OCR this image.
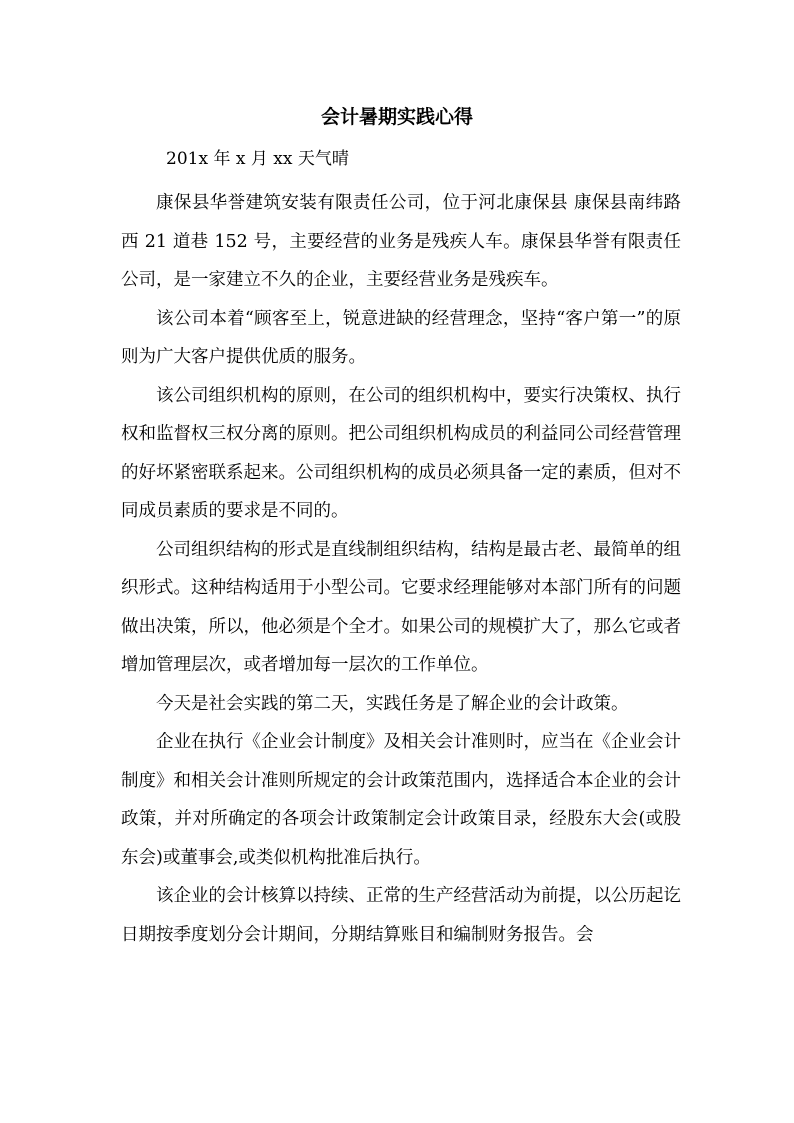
会计暑期实践心得

201x 年 x 月 xx 天气晴

康保县华誉建筑安装有限责任公司，位于河北康保县 康保县南纬路西 21 道巷 152 号，主要经营的业务是残疾人车。康保县华誉有限责任公司，是一家建立不久的企业，主要经营业务是残疾车。

该公司本着“顾客至上，锐意进缺的经营理念，坚持“客户第一”的原则为广大客户提供优质的服务。

该公司组织机构的原则，在公司的组织机构中，要实行决策权、执行权和监督权三权分离的原则。把公司组织机构成员的利益同公司经营管理的好坏紧密联系起来。公司组织机构的成员必须具备一定的素质，但对不同成员素质的要求是不同的。

公司组织结构的形式是直线制组织结构，结构是最古老、最简单的组织形式。这种结构适用于小型公司。它要求经理能够对本部门所有的问题做出决策，所以，他必须是个全才。如果公司的规模扩大了，那么它或者增加管理层次，或者增加每一层次的工作单位。

今天是社会实践的第二天，实践任务是了解企业的会计政策。

企业在执行《企业会计制度》及相关会计准则时，应当在《企业会计制度》和相关会计准则所规定的会计政策范围内，选择适合本企业的会计政策，并对所确定的各项会计政策制定会计政策目录，经股东大会(或股东会)或董事会,或类似机构批准后执行。

该企业的会计核算以持续、正常的生产经营活动为前提，以公历起讫日期按季度划分会计期间，分期结算账目和编制财务报告。会
